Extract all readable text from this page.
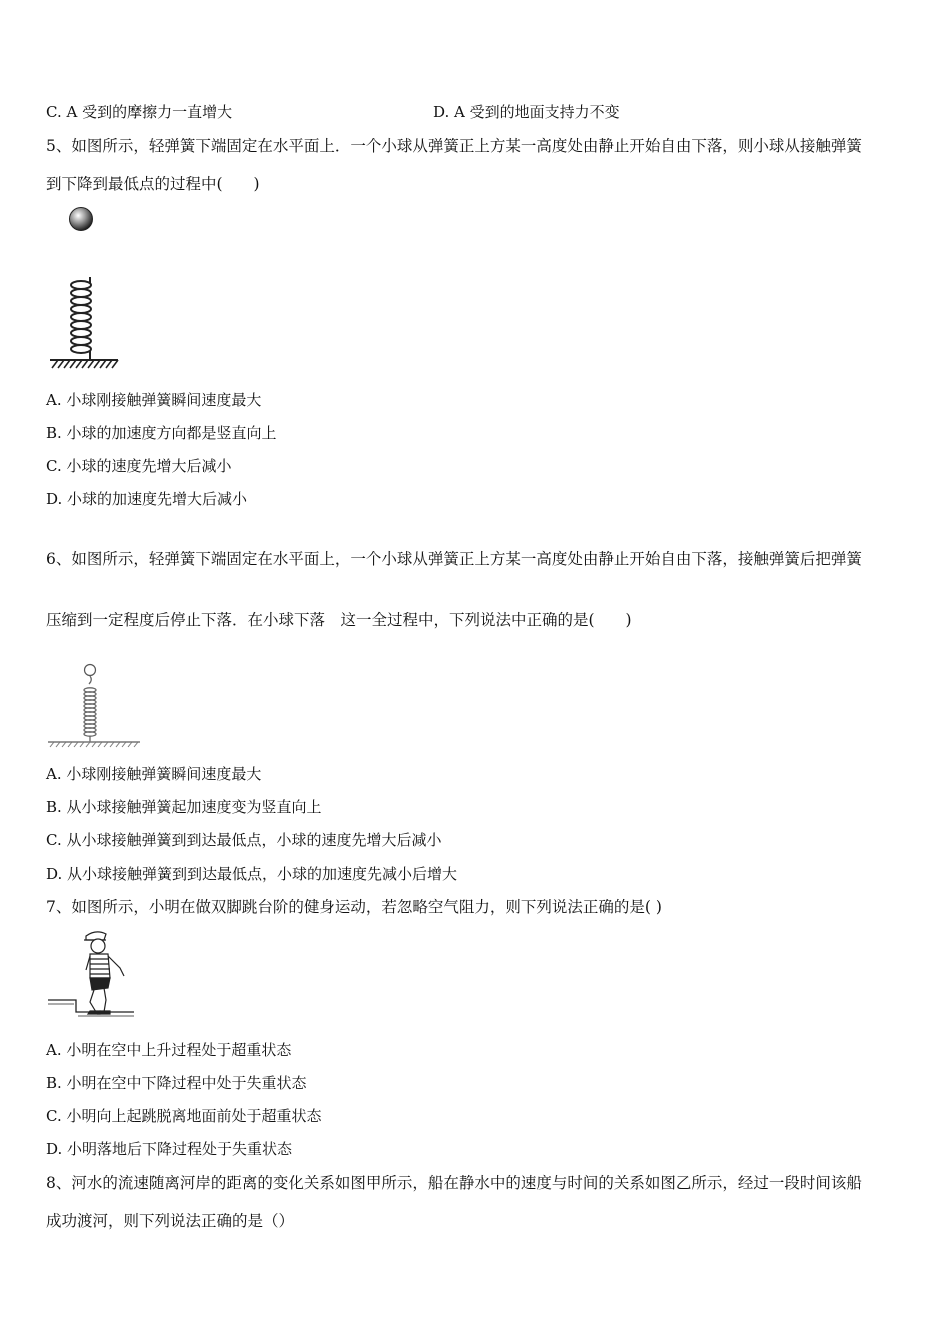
C. A 受到的摩擦力一直增大	D. A 受到的地面支持力不变
5、如图所示，轻弹簧下端固定在水平面上．一个小球从弹簧正上方某一高度处由静止开始自由下落，则小球从接触弹簧
到下降到最低点的过程中(　　)
A. 小球刚接触弹簧瞬间速度最大
B. 小球的加速度方向都是竖直向上
C. 小球的速度先增大后减小
D. 小球的加速度先增大后减小
6、如图所示，轻弹簧下端固定在水平面上，一个小球从弹簧正上方某一高度处由静止开始自由下落，接触弹簧后把弹簧
压缩到一定程度后停止下落．在小球下落　这一全过程中，下列说法中正确的是(　　)
A. 小球刚接触弹簧瞬间速度最大
B. 从小球接触弹簧起加速度变为竖直向上
C. 从小球接触弹簧到到达最低点，小球的速度先增大后减小
D. 从小球接触弹簧到到达最低点，小球的加速度先减小后增大
7、如图所示，小明在做双脚跳台阶的健身运动，若忽略空气阻力，则下列说法正确的是( )
A. 小明在空中上升过程处于超重状态
B. 小明在空中下降过程中处于失重状态
C. 小明向上起跳脱离地面前处于超重状态
D. 小明落地后下降过程处于失重状态
8、河水的流速随离河岸的距离的变化关系如图甲所示，船在静水中的速度与时间的关系如图乙所示，经过一段时间该船
成功渡河，则下列说法正确的是（）
